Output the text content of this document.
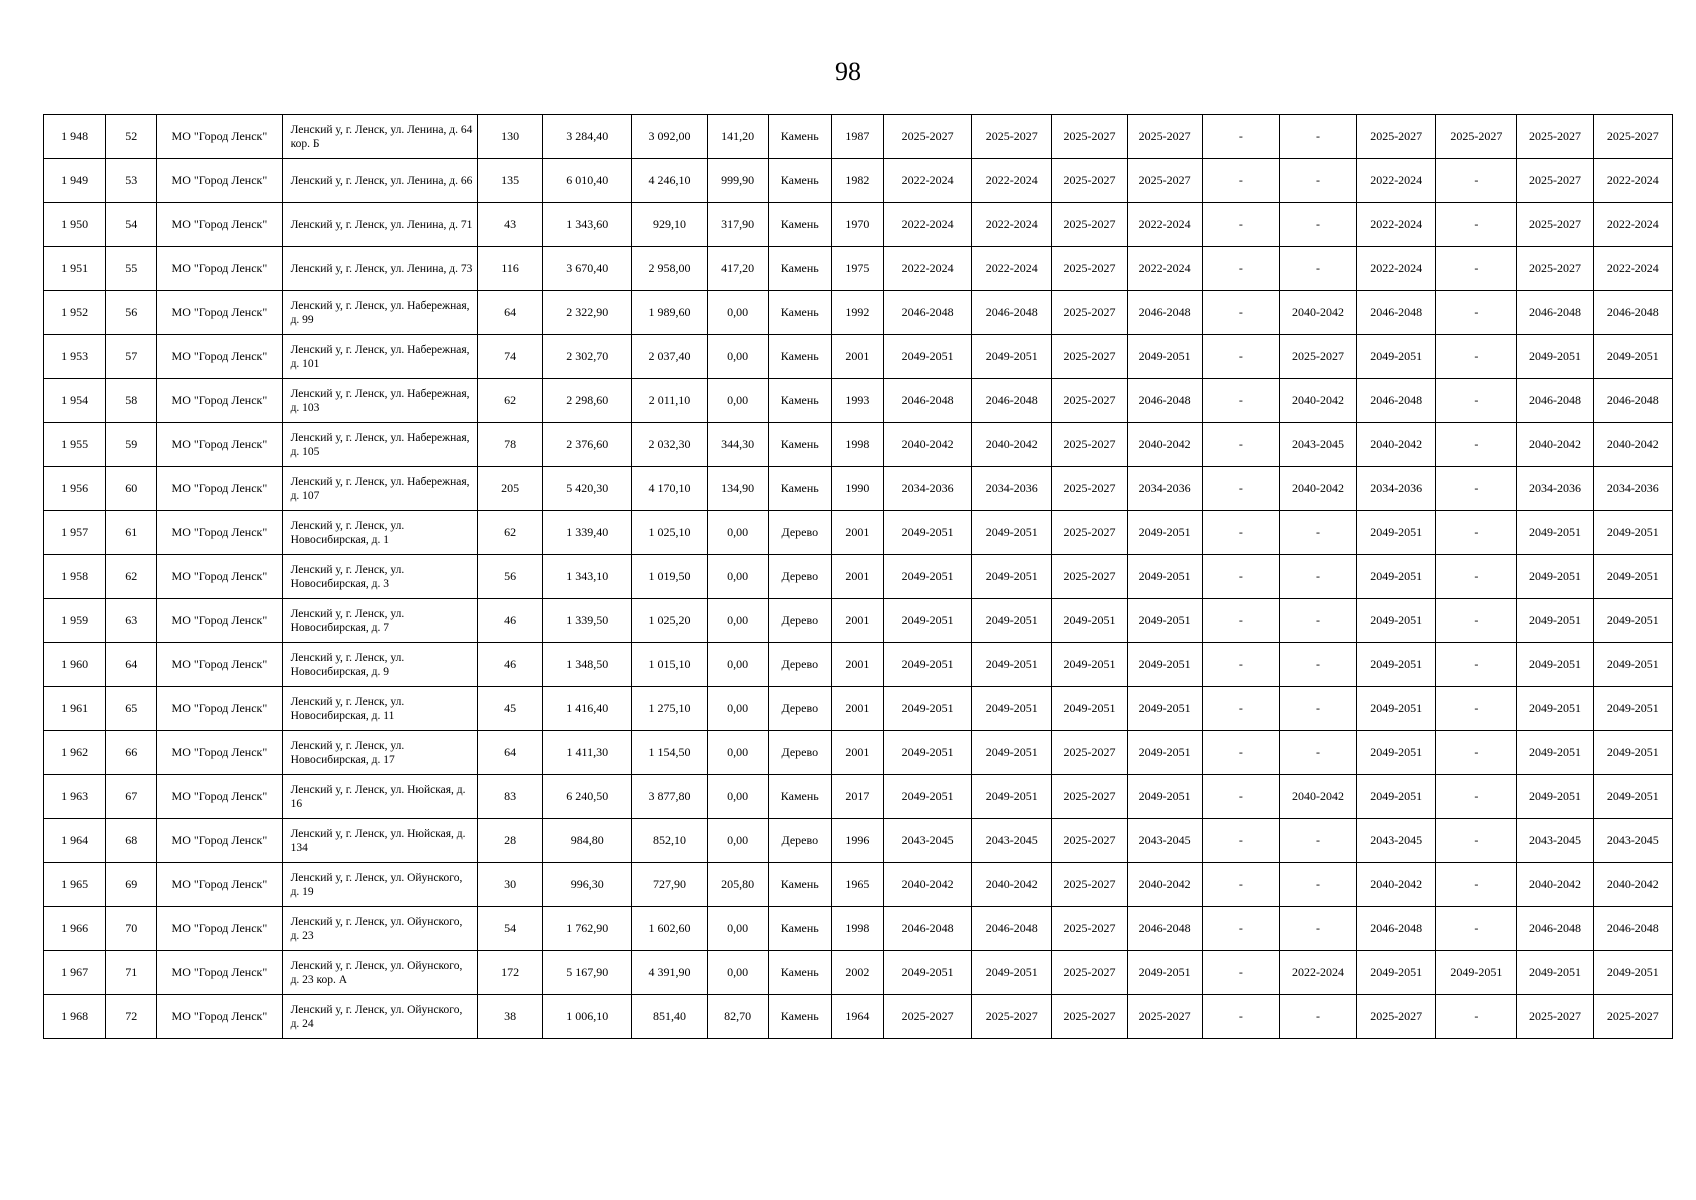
98
1 948	52	МО "Город Ленск"	Ленский у, г. Ленск, ул. Ленина, д. 64 кор. Б	130	3 284,40	3 092,00	141,20	Камень	1987	2025-2027	2025-2027	2025-2027	2025-2027	-	-	2025-2027	2025-2027	2025-2027	2025-2027
1 949	53	МО "Город Ленск"	Ленский у, г. Ленск, ул. Ленина, д. 66	135	6 010,40	4 246,10	999,90	Камень	1982	2022-2024	2022-2024	2025-2027	2025-2027	-	-	2022-2024	-	2025-2027	2022-2024
1 950	54	МО "Город Ленск"	Ленский у, г. Ленск, ул. Ленина, д. 71	43	1 343,60	929,10	317,90	Камень	1970	2022-2024	2022-2024	2025-2027	2022-2024	-	-	2022-2024	-	2025-2027	2022-2024
1 951	55	МО "Город Ленск"	Ленский у, г. Ленск, ул. Ленина, д. 73	116	3 670,40	2 958,00	417,20	Камень	1975	2022-2024	2022-2024	2025-2027	2022-2024	-	-	2022-2024	-	2025-2027	2022-2024
1 952	56	МО "Город Ленск"	Ленский у, г. Ленск, ул. Набережная, д. 99	64	2 322,90	1 989,60	0,00	Камень	1992	2046-2048	2046-2048	2025-2027	2046-2048	-	2040-2042	2046-2048	-	2046-2048	2046-2048
1 953	57	МО "Город Ленск"	Ленский у, г. Ленск, ул. Набережная, д. 101	74	2 302,70	2 037,40	0,00	Камень	2001	2049-2051	2049-2051	2025-2027	2049-2051	-	2025-2027	2049-2051	-	2049-2051	2049-2051
1 954	58	МО "Город Ленск"	Ленский у, г. Ленск, ул. Набережная, д. 103	62	2 298,60	2 011,10	0,00	Камень	1993	2046-2048	2046-2048	2025-2027	2046-2048	-	2040-2042	2046-2048	-	2046-2048	2046-2048
1 955	59	МО "Город Ленск"	Ленский у, г. Ленск, ул. Набережная, д. 105	78	2 376,60	2 032,30	344,30	Камень	1998	2040-2042	2040-2042	2025-2027	2040-2042	-	2043-2045	2040-2042	-	2040-2042	2040-2042
1 956	60	МО "Город Ленск"	Ленский у, г. Ленск, ул. Набережная, д. 107	205	5 420,30	4 170,10	134,90	Камень	1990	2034-2036	2034-2036	2025-2027	2034-2036	-	2040-2042	2034-2036	-	2034-2036	2034-2036
1 957	61	МО "Город Ленск"	Ленский у, г. Ленск, ул. Новосибирская, д. 1	62	1 339,40	1 025,10	0,00	Дерево	2001	2049-2051	2049-2051	2025-2027	2049-2051	-	-	2049-2051	-	2049-2051	2049-2051
1 958	62	МО "Город Ленск"	Ленский у, г. Ленск, ул. Новосибирская, д. 3	56	1 343,10	1 019,50	0,00	Дерево	2001	2049-2051	2049-2051	2025-2027	2049-2051	-	-	2049-2051	-	2049-2051	2049-2051
1 959	63	МО "Город Ленск"	Ленский у, г. Ленск, ул. Новосибирская, д. 7	46	1 339,50	1 025,20	0,00	Дерево	2001	2049-2051	2049-2051	2049-2051	2049-2051	-	-	2049-2051	-	2049-2051	2049-2051
1 960	64	МО "Город Ленск"	Ленский у, г. Ленск, ул. Новосибирская, д. 9	46	1 348,50	1 015,10	0,00	Дерево	2001	2049-2051	2049-2051	2049-2051	2049-2051	-	-	2049-2051	-	2049-2051	2049-2051
1 961	65	МО "Город Ленск"	Ленский у, г. Ленск, ул. Новосибирская, д. 11	45	1 416,40	1 275,10	0,00	Дерево	2001	2049-2051	2049-2051	2049-2051	2049-2051	-	-	2049-2051	-	2049-2051	2049-2051
1 962	66	МО "Город Ленск"	Ленский у, г. Ленск, ул. Новосибирская, д. 17	64	1 411,30	1 154,50	0,00	Дерево	2001	2049-2051	2049-2051	2025-2027	2049-2051	-	-	2049-2051	-	2049-2051	2049-2051
1 963	67	МО "Город Ленск"	Ленский у, г. Ленск, ул. Нюйская, д. 16	83	6 240,50	3 877,80	0,00	Камень	2017	2049-2051	2049-2051	2025-2027	2049-2051	-	2040-2042	2049-2051	-	2049-2051	2049-2051
1 964	68	МО "Город Ленск"	Ленский у, г. Ленск, ул. Нюйская, д. 134	28	984,80	852,10	0,00	Дерево	1996	2043-2045	2043-2045	2025-2027	2043-2045	-	-	2043-2045	-	2043-2045	2043-2045
1 965	69	МО "Город Ленск"	Ленский у, г. Ленск, ул. Ойунского, д. 19	30	996,30	727,90	205,80	Камень	1965	2040-2042	2040-2042	2025-2027	2040-2042	-	-	2040-2042	-	2040-2042	2040-2042
1 966	70	МО "Город Ленск"	Ленский у, г. Ленск, ул. Ойунского, д. 23	54	1 762,90	1 602,60	0,00	Камень	1998	2046-2048	2046-2048	2025-2027	2046-2048	-	-	2046-2048	-	2046-2048	2046-2048
1 967	71	МО "Город Ленск"	Ленский у, г. Ленск, ул. Ойунского, д. 23 кор. А	172	5 167,90	4 391,90	0,00	Камень	2002	2049-2051	2049-2051	2025-2027	2049-2051	-	2022-2024	2049-2051	2049-2051	2049-2051	2049-2051
1 968	72	МО "Город Ленск"	Ленский у, г. Ленск, ул. Ойунского, д. 24	38	1 006,10	851,40	82,70	Камень	1964	2025-2027	2025-2027	2025-2027	2025-2027	-	-	2025-2027	-	2025-2027	2025-2027
